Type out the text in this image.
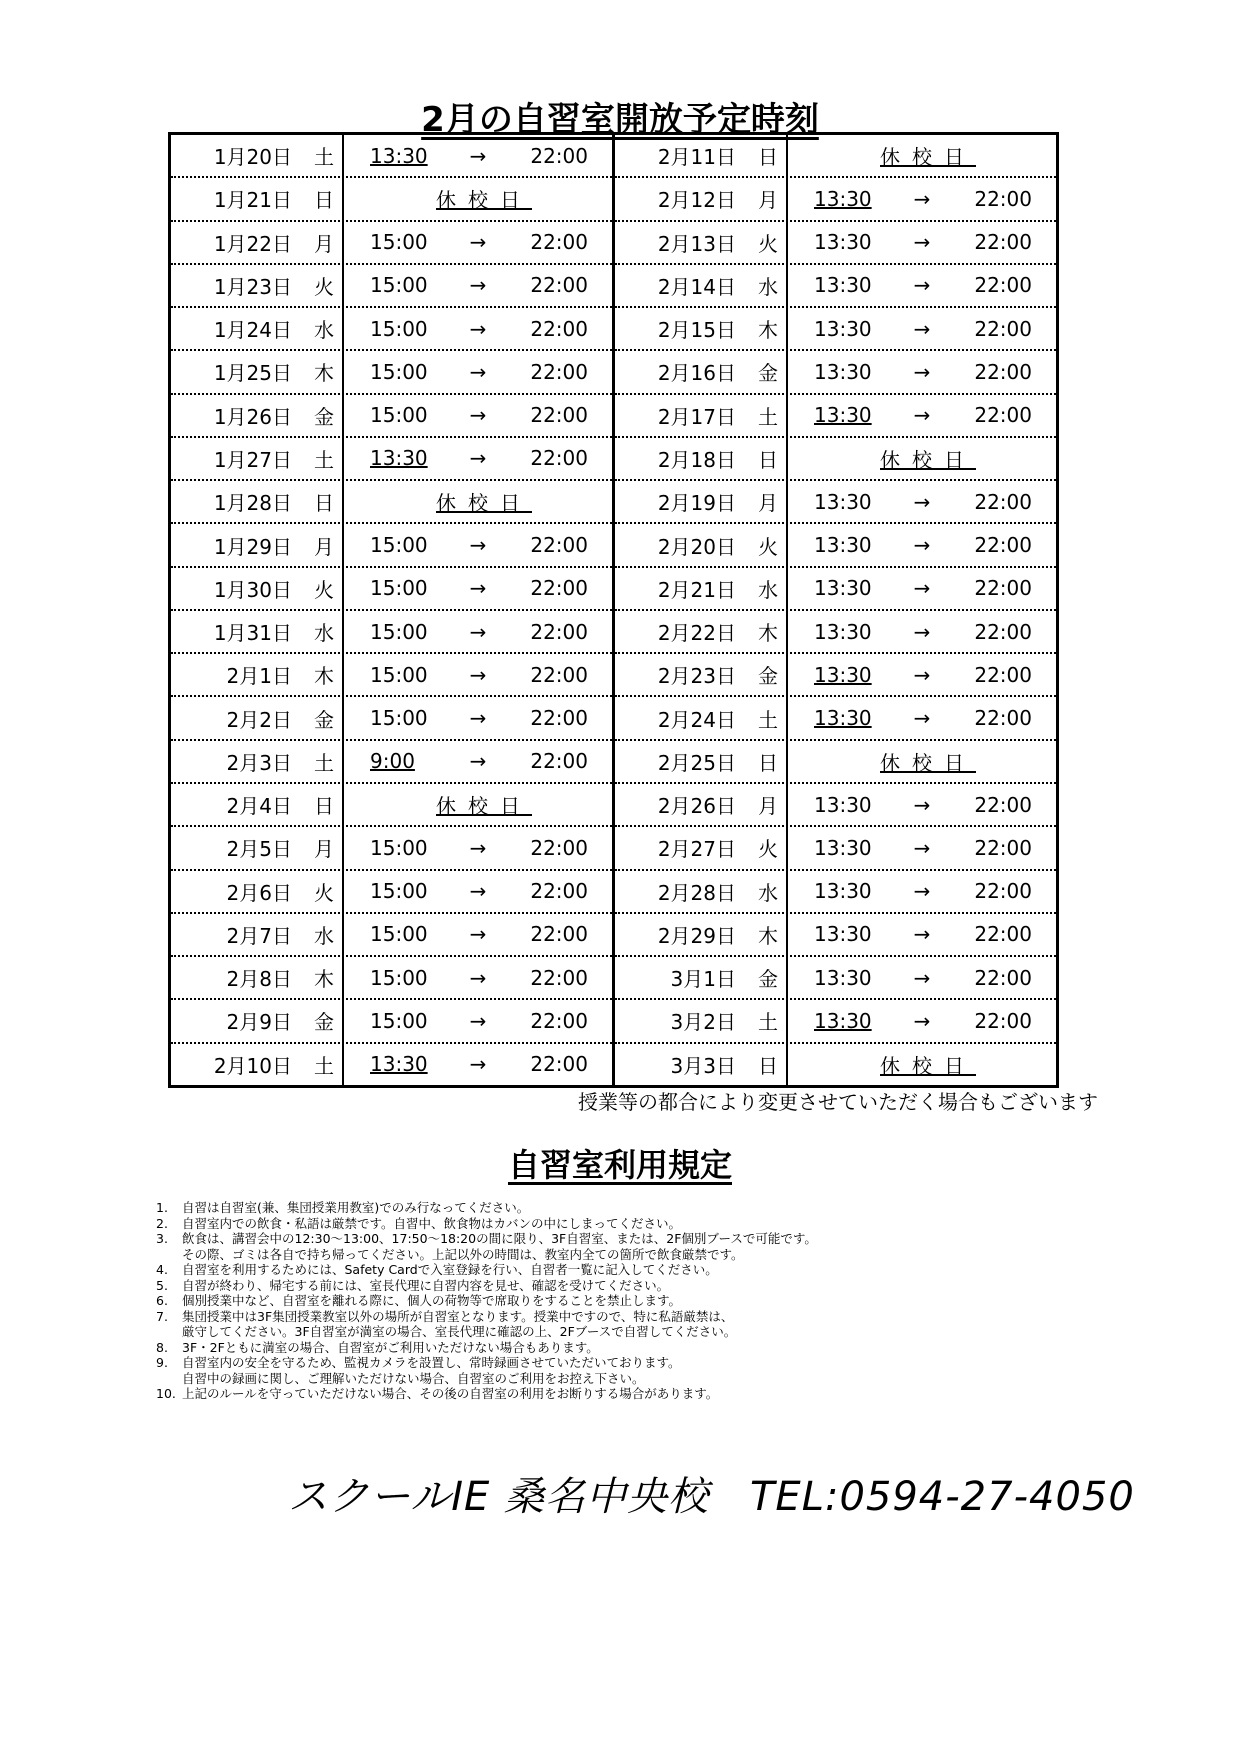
2月の自習室開放予定時刻
1月20日	土 13:30 → 22:00
1月21日	日	休校日
1月22日	月 15:00 → 22:00
1月23日	火 15:00 → 22:00
1月24日	水 15:00 → 22:00
1月25日	木 15:00 → 22:00
1月26日	金 15:00 → 22:00
1月27日	土 13:30 → 22:00
1月28日	日	休校日
1月29日	月 15:00 → 22:00
1月30日	火 15:00 → 22:00
1月31日	水 15:00 → 22:00
2月1日	木 15:00 → 22:00
2月2日	金 15:00 → 22:00
2月3日	土 9:00	→ 22:00
2月4日	日	休校日
2月5日	月 15:00 → 22:00
2月6日	火 15:00 → 22:00
2月7日	水 15:00 → 22:00
2月8日	木 15:00 → 22:00
2月9日	金 15:00 → 22:00
2月10日	土 13:30 → 22:00
2月11日	日	休校日
2月12日	月 13:30 → 22:00
2月13日	火 13:30 → 22:00
2月14日	水 13:30 → 22:00
2月15日	木 13:30 → 22:00
2月16日	金 13:30 → 22:00
2月17日	土 13:30 → 22:00
2月18日	日	休校日
2月19日	月 13:30 → 22:00
2月20日	火 13:30 → 22:00
2月21日	水 13:30 → 22:00
2月22日	木 13:30 → 22:00
2月23日	金 13:30 → 22:00
2月24日	土 13:30 → 22:00
2月25日	日	休校日
2月26日	月 13:30 → 22:00
2月27日	火 13:30 → 22:00
2月28日	水 13:30 → 22:00
2月29日	木 13:30 → 22:00
3月1日	金 13:30 → 22:00
3月2日	土 13:30 → 22:00
3月3日	日	休校日
授業等の都合により変更させていただく場合もございます
自習室利用規定
1.	自習は自習室(兼、集団授業用教室)でのみ行なってください。
2.	自習室内での飲食・私語は厳禁です。自習中、飲食物はカバンの中にしまってください。
3.	飲食は、講習会中の12:30～13:00、17:50～18:20の間に限り、3F自習室、または、2F個別ブースで可能です。
その際、ゴミは各自で持ち帰ってください。上記以外の時間は、教室内全ての箇所で飲食厳禁です。
4.	自習室を利用するためには、Safety Cardで入室登録を行い、自習者一覧に記入してください。
5.	自習が終わり、帰宅する前には、室長代理に自習内容を見せ、確認を受けてください。
6.	個別授業中など、自習室を離れる際に、個人の荷物等で席取りをすることを禁止します。
7.	集団授業中は3F集団授業教室以外の場所が自習室となります。授業中ですので、特に私語厳禁は、
厳守してください。3F自習室が満室の場合、室長代理に確認の上、2Fブースで自習してください。
8.	3F・2Fともに満室の場合、自習室がご利用いただけない場合もあります。
9.	自習室内の安全を守るため、監視カメラを設置し、常時録画させていただいております。
自習中の録画に関し、ご理解いただけない場合、自習室のご利用をお控え下さい。
10. 上記のルールを守っていただけない場合、その後の自習室の利用をお断りする場合があります。
スクールIE 桑名中央校　TEL:0594-27-4050
